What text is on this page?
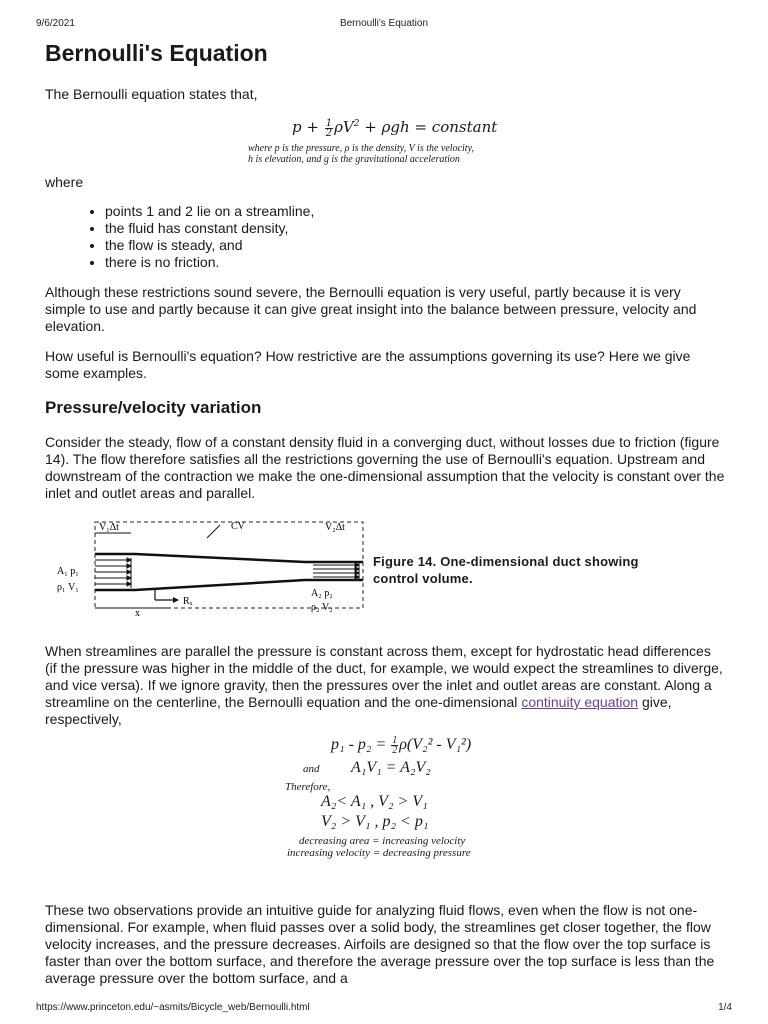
9/6/2021	Bernoulli's Equation
Bernoulli's Equation

The Bernoulli equation states that,

$p + \frac{1}{2} \rho V^2 + \rho gh$ = constant
where p is the pressure, ρ is the density, V is the velocity,
h is elevation, and g is the gravitational acceleration

where

• points 1 and 2 lie on a streamline,
• the fluid has constant density,
• the flow is steady, and
• there is no friction.

Although these restrictions sound severe, the Bernoulli equation is very useful, partly because it is very simple to use and partly because it can give great insight into the balance between pressure, velocity and elevation.

How useful is Bernoulli's equation? How restrictive are the assumptions governing its use? Here we give some examples.

Pressure/velocity variation

Consider the steady, flow of a constant density fluid in a converging duct, without losses due to friction (figure 14). The flow therefore satisfies all the restrictions governing the use of Bernoulli's equation. Upstream and downstream of the contraction we make the one-dimensional assumption that the velocity is constant over the inlet and outlet areas and parallel.

V₁Δt	CV	V₂Δt
A₁ p₁
ρ₁ V₁
A₂ p₂
ρ₂ V₂
x
Rₓ
Figure 14. One-dimensional duct showing
control volume.

When streamlines are parallel the pressure is constant across them, except for hydrostatic head differences (if the pressure was higher in the middle of the duct, for example, we would expect the streamlines to diverge, and vice versa). If we ignore gravity, then the pressures over the inlet and outlet areas are constant. Along a streamline on the centerline, the Bernoulli equation and the one-dimensional continuity equation give, respectively,

$p_1 - p_2 = \frac{1}{2} \rho(V_2^2 - V_1^2)$
and A₁V₁ = A₂V₂
Therefore,
A₂< A₁ , V₂ > V₁
V₂ > V₁ , p₂ < p₁
decreasing area = increasing velocity
increasing velocity = decreasing pressure

These two observations provide an intuitive guide for analyzing fluid flows, even when the flow is not one-dimensional. For example, when fluid passes over a solid body, the streamlines get closer together, the flow velocity increases, and the pressure decreases. Airfoils are designed so that the flow over the top surface is faster than over the bottom surface, and therefore the average pressure over the top surface is less than the average pressure over the bottom surface, and a

https://www.princeton.edu/~asmits/Bicycle_web/Bernoulli.html	1/4
